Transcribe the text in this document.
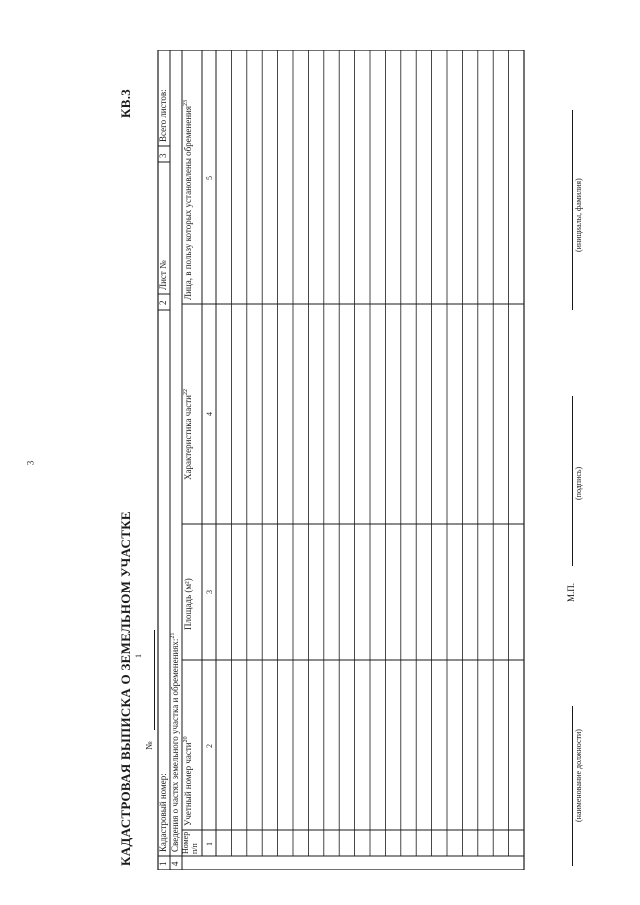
3
КАДАСТРОВАЯ ВЫПИСКА О ЗЕМЕЛЬНОМ УЧАСТКЕ
КВ.3
№
1
1
Кадастровый номер:
2
Лист №
3
Всего листов:
4
Сведения о частях земельного участка и обременениях:$^{21}$
Номер п/п
Учетный номер части$^{20}$
Площадь (м²)
Характеристика части$^{22}$
Лица, в пользу которых установлены обременения$^{23}$
1
2
3
4
5
(наименование должности)
М.П.
(подпись)
(инициалы, фамилия)
